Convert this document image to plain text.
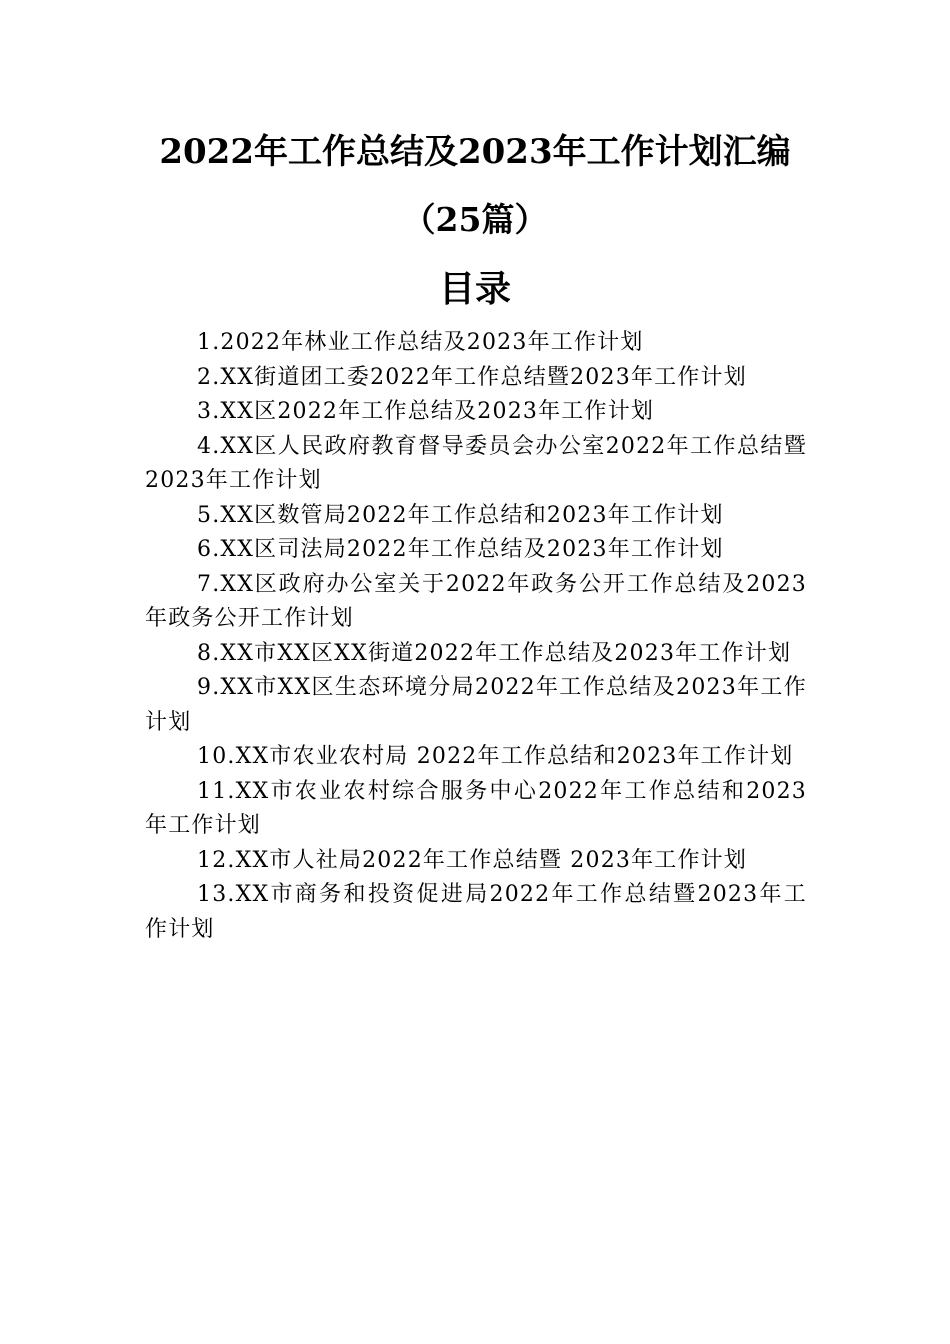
2022年工作总结及2023年工作计划汇编
（25篇）
目录
1.2022年林业工作总结及2023年工作计划
2.XX街道团工委2022年工作总结暨2023年工作计划
3.XX区2022年工作总结及2023年工作计划
4.XX区人民政府教育督导委员会办公室2022年工作总结暨2023年工作计划
5.XX区数管局2022年工作总结和2023年工作计划
6.XX区司法局2022年工作总结及2023年工作计划
7.XX区政府办公室关于2022年政务公开工作总结及2023年政务公开工作计划
8.XX市XX区XX街道2022年工作总结及2023年工作计划
9.XX市XX区生态环境分局2022年工作总结及2023年工作计划
10.XX市农业农村局 2022年工作总结和2023年工作计划
11.XX市农业农村综合服务中心2022年工作总结和2023年工作计划
12.XX市人社局2022年工作总结暨 2023年工作计划
13.XX市商务和投资促进局2022年工作总结暨2023年工作计划
